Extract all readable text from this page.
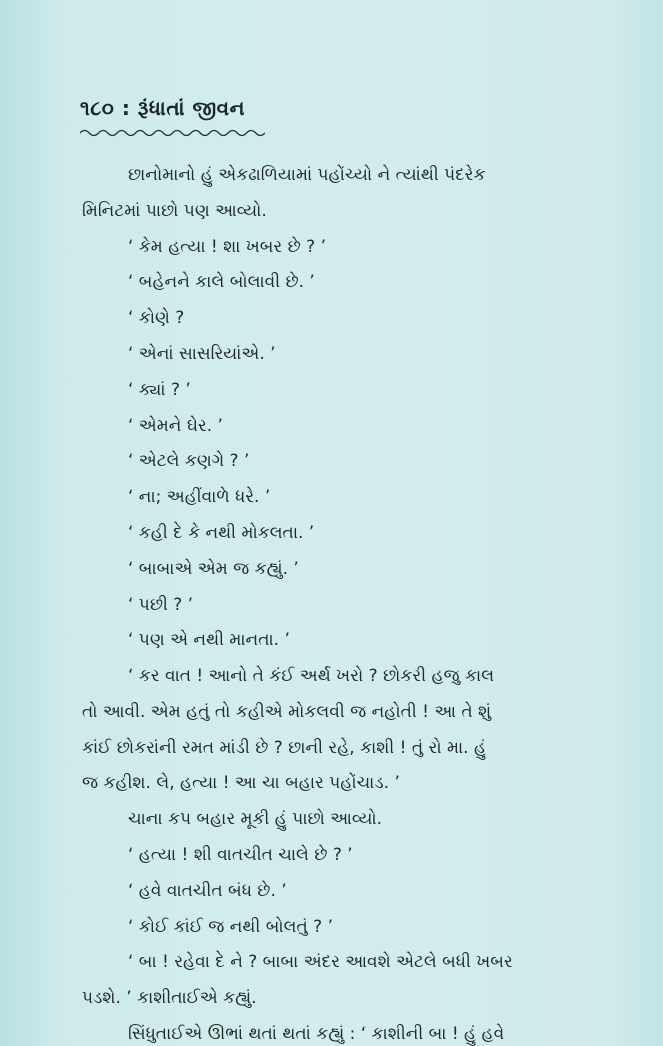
૧૮૦ : રૂંધાતાં જીવન
છાનોમાનો હું એકઢાળિયામાં પહોંચ્યો ને ત્યાંથી પંદરેક
મિનિટમાં પાછો પણ આવ્યો.
‘ કેમ હત્યા ! શા ખબર છે ? ’
‘ બહેનને કાલે બોલાવી છે. ’
‘ કોણે ?
‘ એનાં સાસરિયાંએ. ’
‘ ક્યાં ? ’
‘ એમને ઘેર. ’
‘ એટલે કણગે ? ’
‘ ના; અહીંવાળે ધરે. ’
‘ કહી દે કે નથી મોકલતા. ’
‘ બાબાએ એમ જ કહ્યું. ’
‘ પછી ? ’
‘ પણ એ નથી માનતા. ’
‘ કર વાત ! આનો તે કંઈ અર્થ ખરો ? છોકરી હજુ કાલ
તો આવી. એમ હતું તો કહીએ મોકલવી જ નહોતી ! આ તે શું
કાંઈ છોકરાંની રમત માંડી છે ? છાની રહે, કાશી ! તું રો મા. હું
જ કહીશ. લે, હત્યા ! આ ચા બહાર પહોંચાડ. ’
ચાના કપ બહાર મૂકી હું પાછો આવ્યો.
‘ હત્યા ! શી વાતચીત ચાલે છે ? ’
‘ હવે વાતચીત બંધ છે. ’
‘ કોઈ કાંઈ જ નથી બોલતું ? ’
‘ બા ! રહેવા દે ને ? બાબા અંદર આવશે એટલે બધી ખબર
પડશે. ’ કાશીતાઈએ કહ્યું.
સિંધુતાઈએ ઊભાં થતાં થતાં કહ્યું : ‘ કાશીની બા ! હું હવે
